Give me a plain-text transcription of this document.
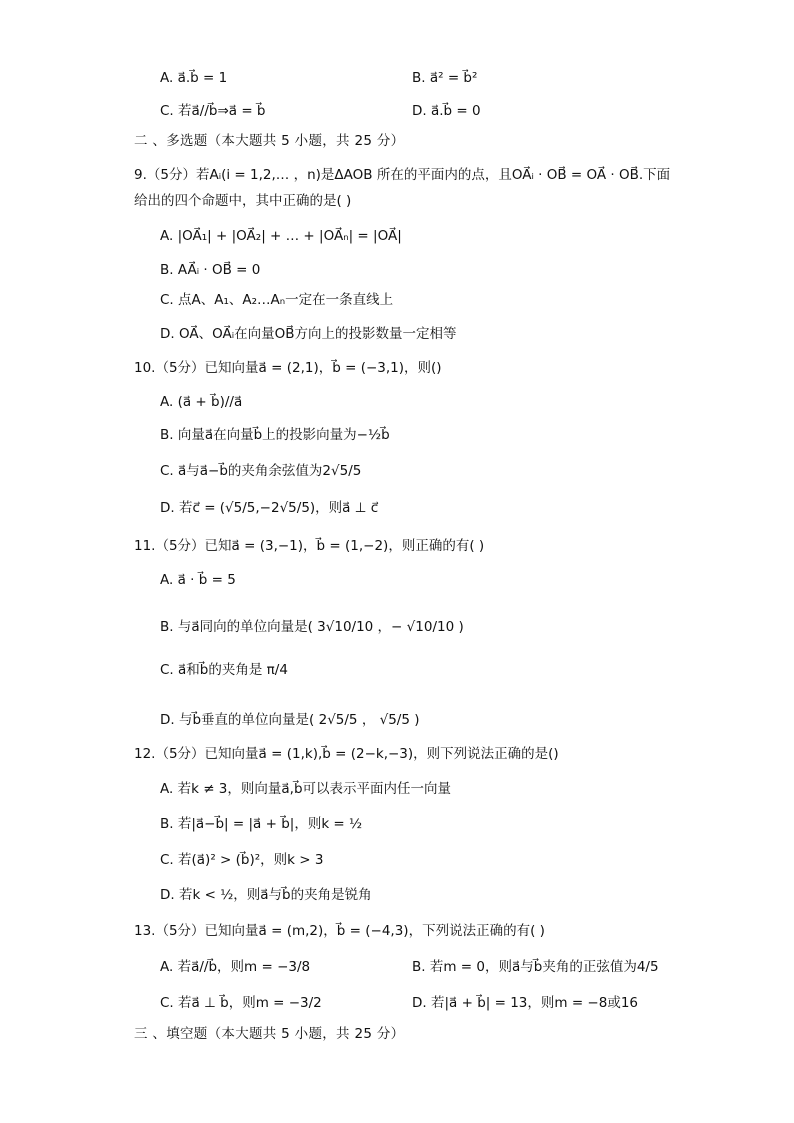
A. a⃗.b⃗ = 1	B. a⃗² = b⃗²
C. 若a⃗//b⃗⇒a⃗ = b⃗	D. a⃗.b⃗ = 0
二 、多选题（本大题共 5 小题，共 25 分）
9.（5分）若Aᵢ(i = 1,2,… ，n)是ΔAOB 所在的平面内的点，且OA⃗ᵢ · OB⃗ = OA⃗ · OB⃗.下面
给出的四个命题中，其中正确的是( )
A. |OA⃗₁| + |OA⃗₂| + … + |OA⃗ₙ| = |OA⃗|
B. AA⃗ᵢ · OB⃗ = 0
C. 点A、A₁、A₂…Aₙ一定在一条直线上
D. OA⃗、OA⃗ᵢ在向量OB⃗方向上的投影数量一定相等
10.（5分）已知向量a⃗ = (2,1)，b⃗ = (−3,1)，则()
A. (a⃗ + b⃗)//a⃗
B. 向量a⃗在向量b⃗上的投影向量为−½b⃗
C. a⃗与a⃗−b⃗的夹角余弦值为2√5/5
D. 若c⃗ = (√5/5,−2√5/5)，则a⃗ ⊥ c⃗
11.（5分）已知a⃗ = (3,−1)，b⃗ = (1,−2)，则正确的有( )
A. a⃗ · b⃗ = 5
B. 与a⃗同向的单位向量是( 3√10/10 ，− √10/10 )
C. a⃗和b⃗的夹角是 π/4
D. 与b⃗垂直的单位向量是( 2√5/5 ， √5/5 )
12.（5分）已知向量a⃗ = (1,k),b⃗ = (2−k,−3)，则下列说法正确的是()
A. 若k ≠ 3，则向量a⃗,b⃗可以表示平面内任一向量
B. 若|a⃗−b⃗| = |a⃗ + b⃗|，则k = ½
C. 若(a⃗)² > (b⃗)²，则k > 3
D. 若k < ½，则a⃗与b⃗的夹角是锐角
13.（5分）已知向量a⃗ = (m,2)，b⃗ = (−4,3)，下列说法正确的有( )
A. 若a⃗//b⃗，则m = −3/8	B. 若m = 0，则a⃗与b⃗夹角的正弦值为4/5
C. 若a⃗ ⊥ b⃗，则m = −3/2	D. 若|a⃗ + b⃗| = 13，则m = −8或16
三 、填空题（本大题共 5 小题，共 25 分）
